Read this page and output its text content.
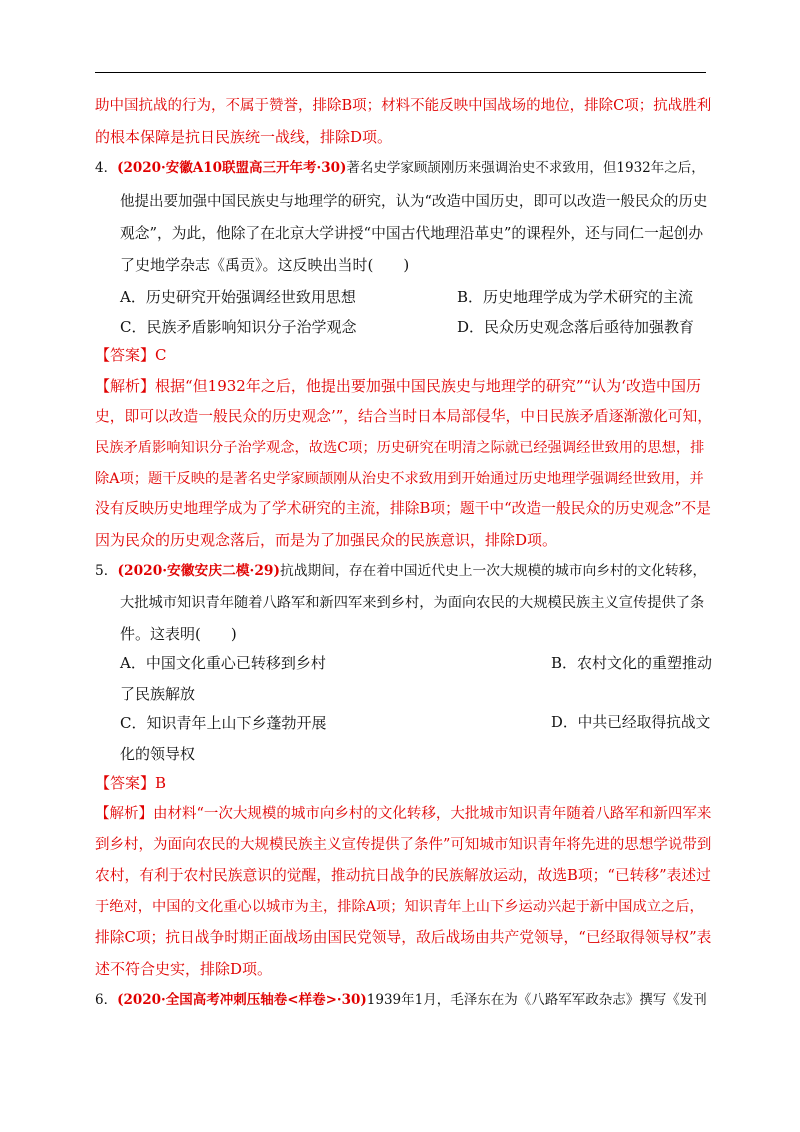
助中国抗战的行为，不属于赞誉，排除B项；材料不能反映中国战场的地位，排除C项；抗战胜利
的根本保障是抗日民族统一战线，排除D项。
4．(2020·安徽A10联盟高三开年考·30)著名史学家顾颉刚历来强调治史不求致用，但1932年之后，
他提出要加强中国民族史与地理学的研究，认为“改造中国历史，即可以改造一般民众的历史
观念”，为此，他除了在北京大学讲授“中国古代地理沿革史”的课程外，还与同仁一起创办
了史地学杂志《禹贡》。这反映出当时(　　)
A．历史研究开始强调经世致用思想	B．历史地理学成为学术研究的主流
C．民族矛盾影响知识分子治学观念	D．民众历史观念落后亟待加强教育
【答案】C
【解析】根据“但1932年之后，他提出要加强中国民族史与地理学的研究”“认为‘改造中国历
史，即可以改造一般民众的历史观念’”，结合当时日本局部侵华，中日民族矛盾逐渐激化可知，
民族矛盾影响知识分子治学观念，故选C项；历史研究在明清之际就已经强调经世致用的思想，排
除A项；题干反映的是著名史学家顾颉刚从治史不求致用到开始通过历史地理学强调经世致用，并
没有反映历史地理学成为了学术研究的主流，排除B项；题干中“改造一般民众的历史观念”不是
因为民众的历史观念落后，而是为了加强民众的民族意识，排除D项。
5．(2020·安徽安庆二模·29)抗战期间，存在着中国近代史上一次大规模的城市向乡村的文化转移，
大批城市知识青年随着八路军和新四军来到乡村，为面向农民的大规模民族主义宣传提供了条
件。这表明(　　)
A．中国文化重心已转移到乡村	B．农村文化的重塑推动
了民族解放
C．知识青年上山下乡蓬勃开展	D．中共已经取得抗战文
化的领导权
【答案】B
【解析】由材料“一次大规模的城市向乡村的文化转移，大批城市知识青年随着八路军和新四军来
到乡村，为面向农民的大规模民族主义宣传提供了条件”可知城市知识青年将先进的思想学说带到
农村，有利于农村民族意识的觉醒，推动抗日战争的民族解放运动，故选B项；“已转移”表述过
于绝对，中国的文化重心以城市为主，排除A项；知识青年上山下乡运动兴起于新中国成立之后，
排除C项；抗日战争时期正面战场由国民党领导，敌后战场由共产党领导，“已经取得领导权”表
述不符合史实，排除D项。
6．(2020·全国高考冲刺压轴卷<样卷>·30)1939年1月，毛泽东在为《八路军军政杂志》撰写《发刊
